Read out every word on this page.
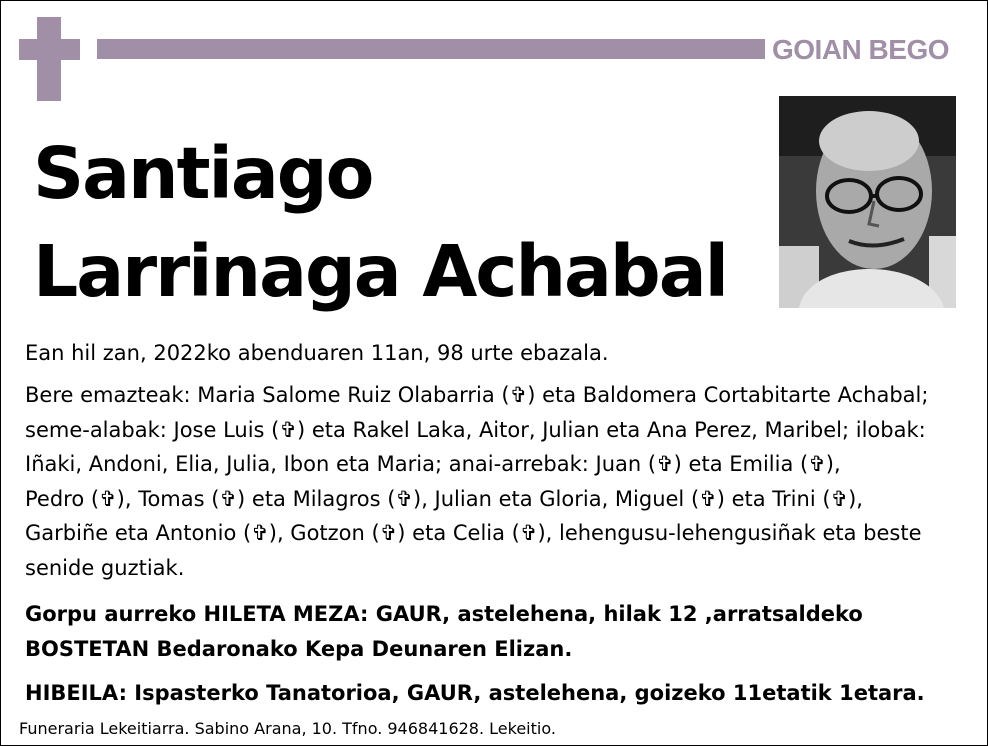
GOIAN BEGO
Santiago
Larrinaga Achabal
Ean hil zan, 2022ko abenduaren 11an, 98 urte ebazala.
Bere emazteak: Maria Salome Ruiz Olabarria (✞) eta Baldomera Cortabitarte Achabal;
seme-alabak: Jose Luis (✞) eta Rakel Laka, Aitor, Julian eta Ana Perez, Maribel; ilobak:
Iñaki, Andoni, Elia, Julia, Ibon eta Maria; anai-arrebak: Juan (✞) eta Emilia (✞),
Pedro (✞), Tomas (✞) eta Milagros (✞), Julian eta Gloria, Miguel (✞) eta Trini (✞),
Garbiñe eta Antonio (✞), Gotzon (✞) eta Celia (✞), lehengusu-lehengusiñak eta beste
senide guztiak.
Gorpu aurreko HILETA MEZA: GAUR, astelehena, hilak 12 ,arratsaldeko
BOSTETAN Bedaronako Kepa Deunaren Elizan.
HIBEILA: Ispasterko Tanatorioa, GAUR, astelehena, goizeko 11etatik 1etara.
Funeraria Lekeitiarra. Sabino Arana, 10. Tfno. 946841628. Lekeitio.
